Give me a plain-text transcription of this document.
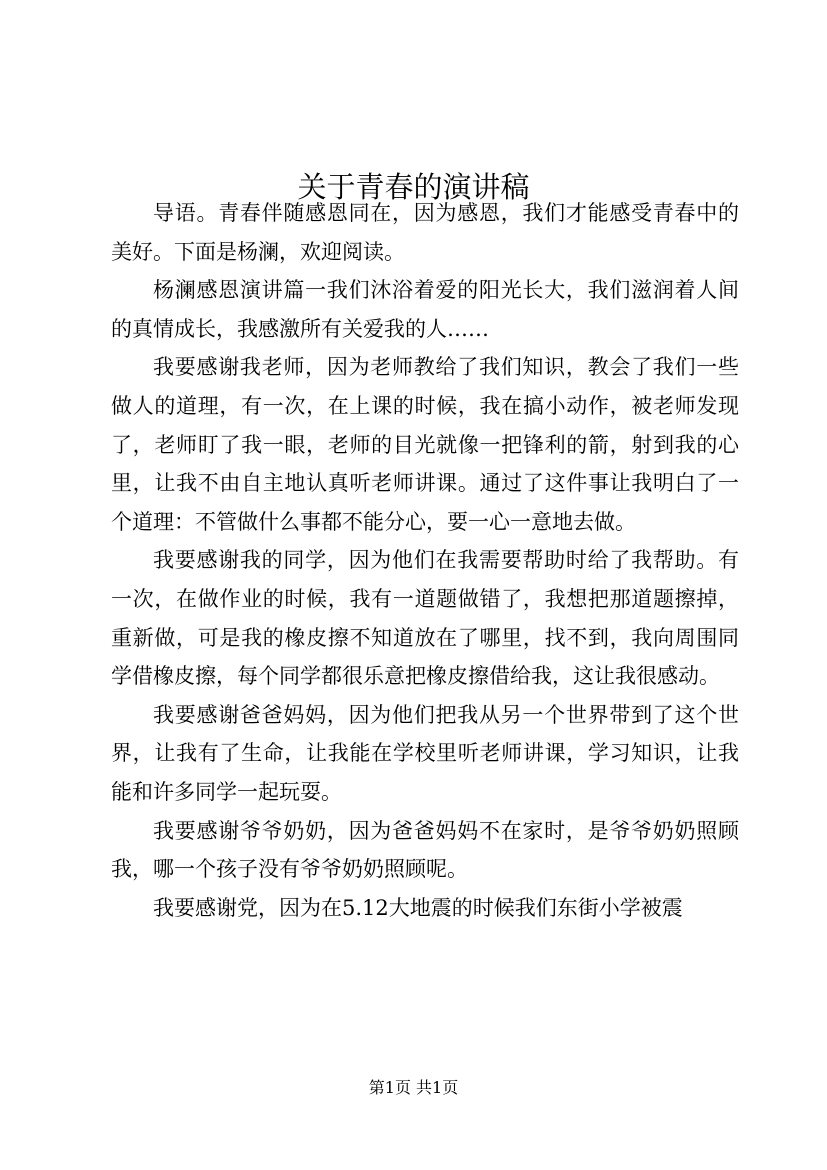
关于青春的演讲稿

导语。青春伴随感恩同在，因为感恩，我们才能感受青春中的美好。下面是杨澜，欢迎阅读。

杨澜感恩演讲篇一我们沐浴着爱的阳光长大，我们滋润着人间的真情成长，我感激所有关爱我的人……

我要感谢我老师，因为老师教给了我们知识，教会了我们一些做人的道理，有一次，在上课的时候，我在搞小动作，被老师发现了，老师盯了我一眼，老师的目光就像一把锋利的箭，射到我的心里，让我不由自主地认真听老师讲课。通过了这件事让我明白了一个道理：不管做什么事都不能分心，要一心一意地去做。

我要感谢我的同学，因为他们在我需要帮助时给了我帮助。有一次，在做作业的时候，我有一道题做错了，我想把那道题擦掉，重新做，可是我的橡皮擦不知道放在了哪里，找不到，我向周围同学借橡皮擦，每个同学都很乐意把橡皮擦借给我，这让我很感动。

我要感谢爸爸妈妈，因为他们把我从另一个世界带到了这个世界，让我有了生命，让我能在学校里听老师讲课，学习知识，让我能和许多同学一起玩耍。

我要感谢爷爷奶奶，因为爸爸妈妈不在家时，是爷爷奶奶照顾我，哪一个孩子没有爷爷奶奶照顾呢。

我要感谢党，因为在5.12大地震的时候我们东街小学被震

第1页 共1页
